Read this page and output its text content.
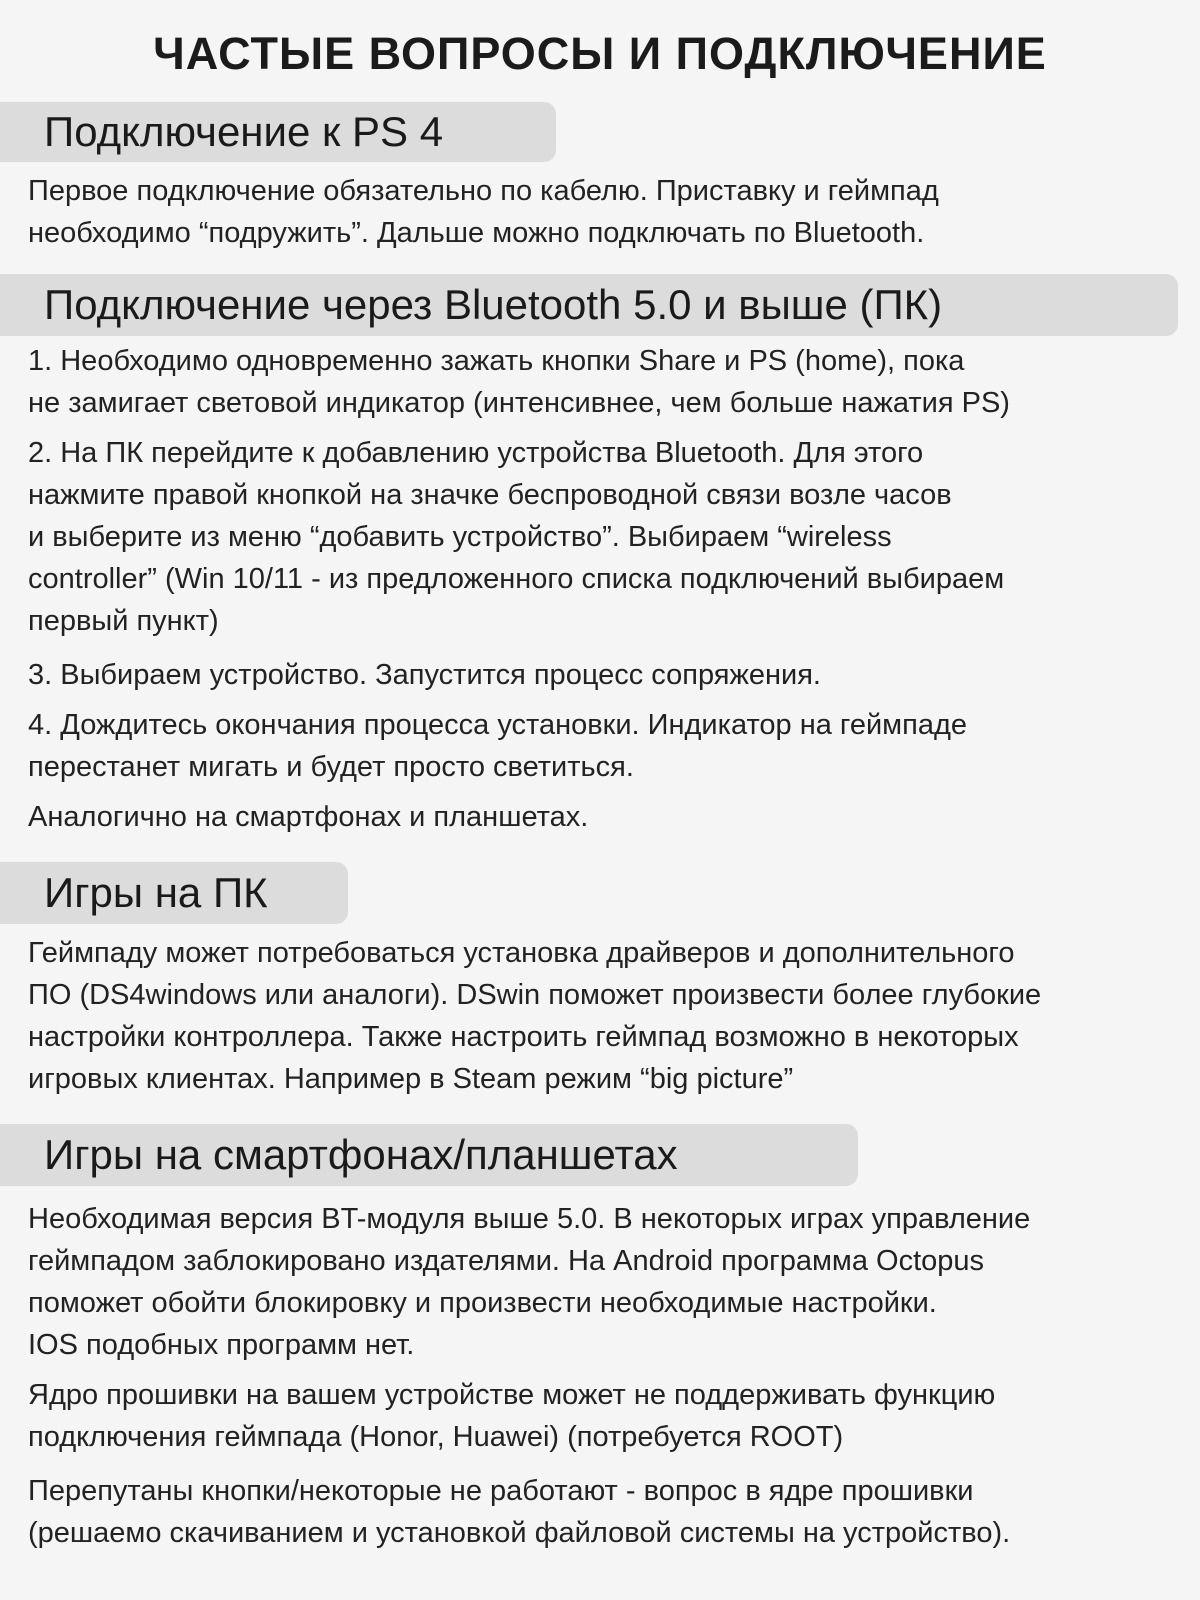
ЧАСТЫЕ ВОПРОСЫ И ПОДКЛЮЧЕНИЕ
Подключение к PS 4

Первое подключение обязательно по кабелю. Приставку и геймпад
необходимо “подружить”. Дальше можно подключать по Bluetooth.

Подключение через Bluetooth 5.0 и выше (ПК)

1. Необходимо одновременно зажать кнопки Share и PS (home), пока
не замигает световой индикатор (интенсивнее, чем больше нажатия PS)

2. На ПК перейдите к добавлению устройства Bluetooth. Для этого
нажмите правой кнопкой на значке беспроводной связи возле часов
и выберите из меню “добавить устройство”. Выбираем “wireless
controller” (Win 10/11 - из предложенного списка подключений выбираем
первый пункт)

3. Выбираем устройство. Запустится процесс сопряжения.

4. Дождитесь окончания процесса установки. Индикатор на геймпаде
перестанет мигать и будет просто светиться.

Аналогично на смартфонах и планшетах.

Игры на ПК

Геймпаду может потребоваться установка драйверов и дополнительного
ПО (DS4windows или аналоги). DSwin поможет произвести более глубокие
настройки контроллера. Также настроить геймпад возможно в некоторых
игровых клиентах. Например в Steam режим “big picture”

Игры на смартфонах/планшетах

Необходимая версия BT-модуля выше 5.0. В некоторых играх управление
геймпадом заблокировано издателями. На Android программа Octopus
поможет обойти блокировку и произвести необходимые настройки.
IOS подобных программ нет.

Ядро прошивки на вашем устройстве может не поддерживать функцию
подключения геймпада (Honor, Huawei) (потребуется ROOT)

Перепутаны кнопки/некоторые не работают - вопрос в ядре прошивки
(решаемо скачиванием и установкой файловой системы на устройство).
